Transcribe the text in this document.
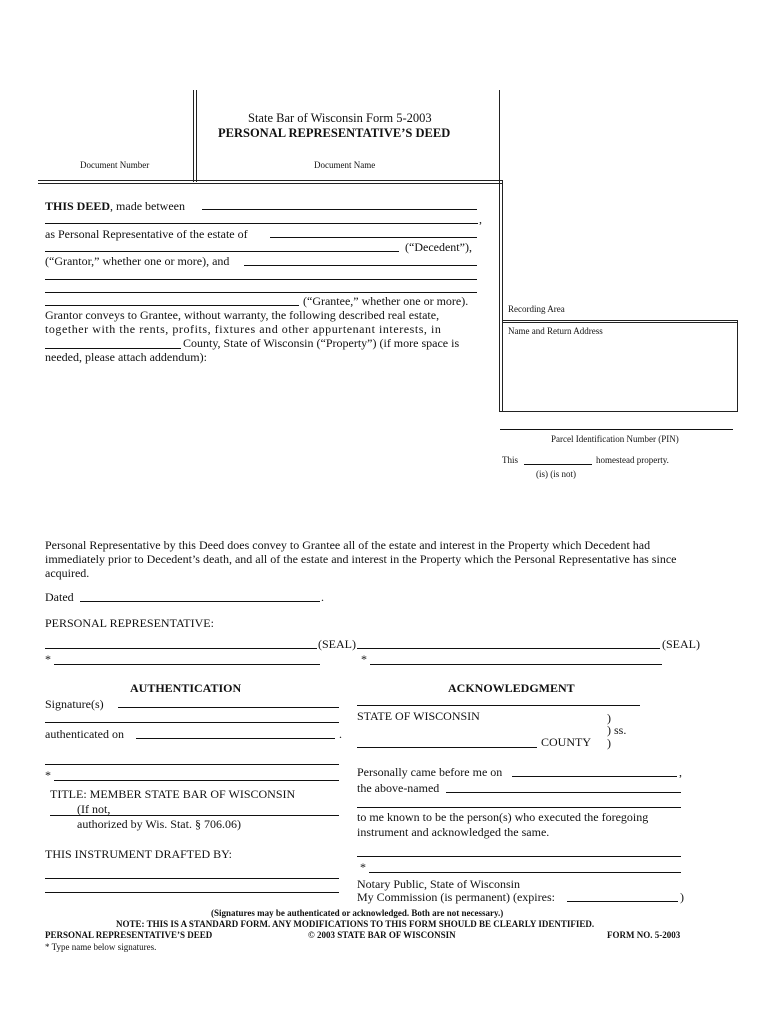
State Bar of Wisconsin Form 5-2003
PERSONAL REPRESENTATIVE’S DEED
Document Number	Document Name
THIS DEED, made between
,
as Personal Representative of the estate of
(“Decedent”),
(“Grantor,” whether one or more), and
(“Grantee,” whether one or more).
Grantor conveys to Grantee, without warranty, the following described real estate,
together with the rents, profits, fixtures and other appurtenant interests, in
County, State of Wisconsin (“Property”) (if more space is
needed, please attach addendum):
Recording Area
Name and Return Address
Parcel Identification Number (PIN)
This	homestead property.
(is) (is not)
Personal Representative by this Deed does convey to Grantee all of the estate and interest in the Property which Decedent had
immediately prior to Decedent’s death, and all of the estate and interest in the Property which the Personal Representative has since
acquired.
Dated	.
PERSONAL REPRESENTATIVE:
(SEAL)	(SEAL)
*	*
AUTHENTICATION
Signature(s)
authenticated on	.
*
TITLE: MEMBER STATE BAR OF WISCONSIN
(If not,
authorized by Wis. Stat. § 706.06)
THIS INSTRUMENT DRAFTED BY:
ACKNOWLEDGMENT
STATE OF WISCONSIN	)
) ss.
COUNTY )
Personally came before me on	,
the above-named
to me known to be the person(s) who executed the foregoing
instrument and acknowledged the same.
*
Notary Public, State of Wisconsin
My Commission (is permanent) (expires:	)
(Signatures may be authenticated or acknowledged. Both are not necessary.)
NOTE: THIS IS A STANDARD FORM. ANY MODIFICATIONS TO THIS FORM SHOULD BE CLEARLY IDENTIFIED.
PERSONAL REPRESENTATIVE’S DEED	© 2003 STATE BAR OF WISCONSIN	FORM NO. 5-2003
* Type name below signatures.
